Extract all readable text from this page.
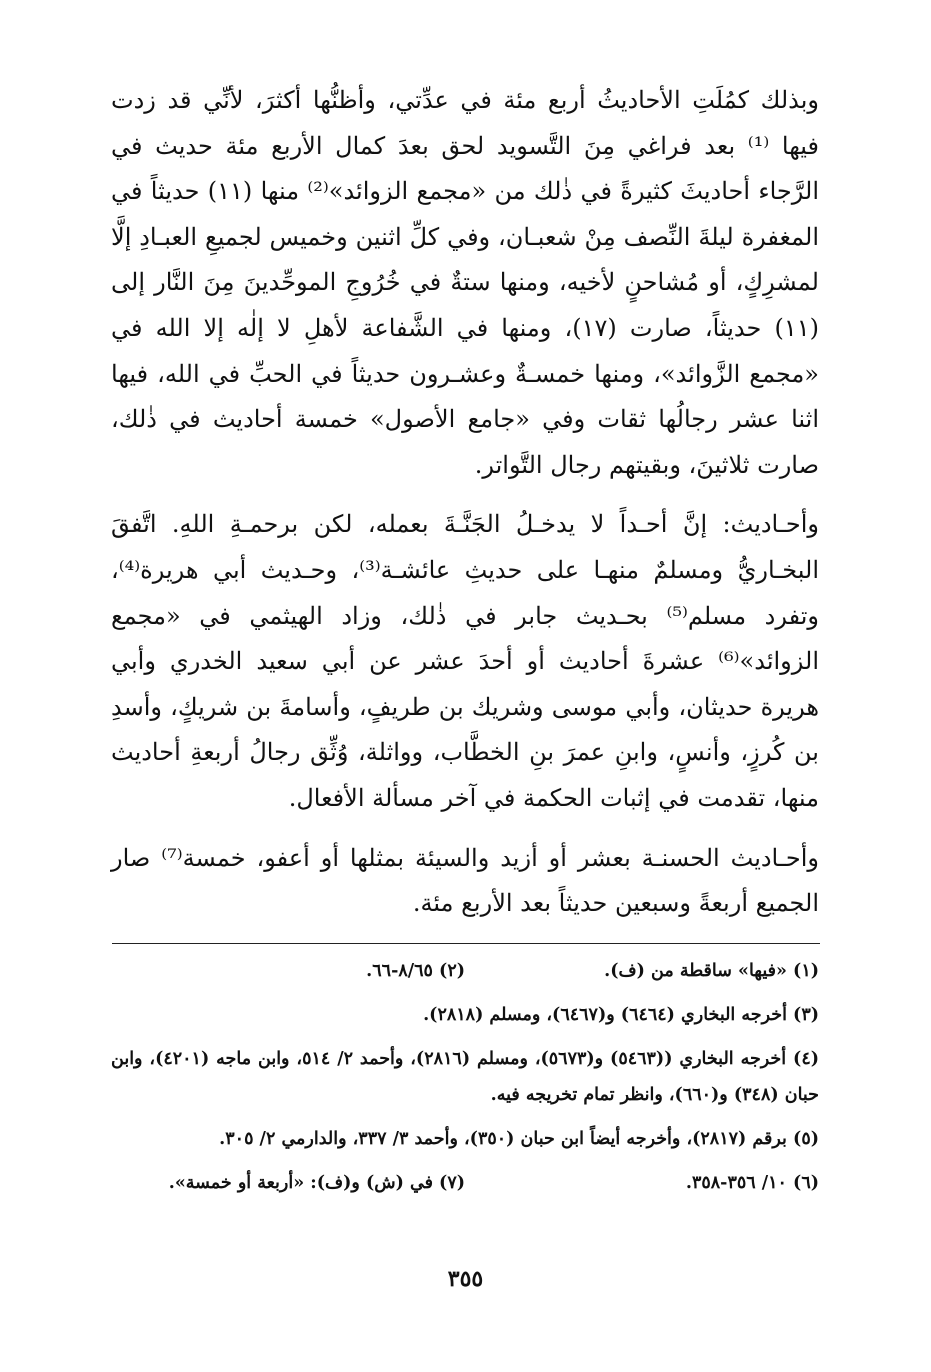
وبذلك كمُلَتِ الأحاديثُ أربع مئة في عدِّتي، وأظنُّها أكثرَ، لأنِّي قد زدت فيها ⁽¹⁾ بعد فراغي مِنَ التَّسويد لحق بعدَ كمال الأربع مئة حديث في الرَّجاء أحاديثَ كثيرةً في ذٰلك من «مجمع الزوائد»⁽²⁾ منها (١١) حديثاً في المغفرة ليلةَ النِّصف مِنْ شعبـان، وفي كلِّ اثنين وخميس لجميعِ العبـادِ إلَّا لمشرِكٍ، أو مُشاحنٍ لأخيه، ومنها ستةٌ في خُرُوجِ الموحِّدينَ مِنَ النَّار إلى (١١) حديثاً، صارت (١٧)، ومنها في الشَّفاعة لأهلِ لا إلٰه إلا الله في «مجمع الزَّوائد»، ومنها خمسـةٌ وعشـرون حديثاً في الحبِّ في الله، فيها اثنا عشر رجالُها ثقات وفي «جامع الأصول» خمسة أحاديث في ذٰلك، صارت ثلاثينَ، وبقيتهم رجال التَّواتر.

وأحـاديث: إنَّ أحـداً لا يدخـلُ الجَنَّـةَ بعمله، لكن برحمـةِ اللهِ. اتَّفقَ البخـاريُّ ومسلمٌ منهـا على حديثِ عائشـة⁽³⁾، وحـديث أبي هريرة⁽⁴⁾، وتفرد مسلم⁽⁵⁾ بحـديث جابر في ذٰلك، وزاد الهيثمي في «مجمع الزوائد»⁽⁶⁾ عشرةَ أحاديث أو أحدَ عشر عن أبي سعيد الخدري وأبي هريرة حديثان، وأبي موسى وشريك بن طريفٍ، وأسامةَ بن شريكٍ، وأسدِ بن كُرزٍ، وأنسٍ، وابنِ عمرَ بنِ الخطَّاب، وواثلة، وُثِّق رجالُ أربعةِ أحاديث منها، تقدمت في إثبات الحكمة في آخر مسألة الأفعال.

وأحـاديث الحسنـة بعشر أو أزيد والسيئة بمثلها أو أعفو، خمسة⁽⁷⁾ صار الجميع أربعةً وسبعين حديثاً بعد الأربع مئة.

(١) «فيها» ساقطة من (ف).
(٢) ٨/٦٥-٦٦.
(٣) أخرجه البخاري (٦٤٦٤) و(٦٤٦٧)، ومسلم (٢٨١٨).
(٤) أخرجه البخاري ((٥٤٦٣) و(٥٦٧٣)، ومسلم (٢٨١٦)، وأحمد ٢/ ٥١٤، وابن ماجه (٤٢٠١)، وابن حبان (٣٤٨) و(٦٦٠)، وانظر تمام تخريجه فيه.
(٥) برقم (٢٨١٧)، وأخرجه أيضاً ابن حبان (٣٥٠)، وأحمد ٣/ ٣٣٧، والدارمي ٢/ ٣٠٥.
(٦) ١٠/ ٣٥٦-٣٥٨.
(٧) في (ش) و(ف): «أربعة أو خمسة».
٣٥٥
